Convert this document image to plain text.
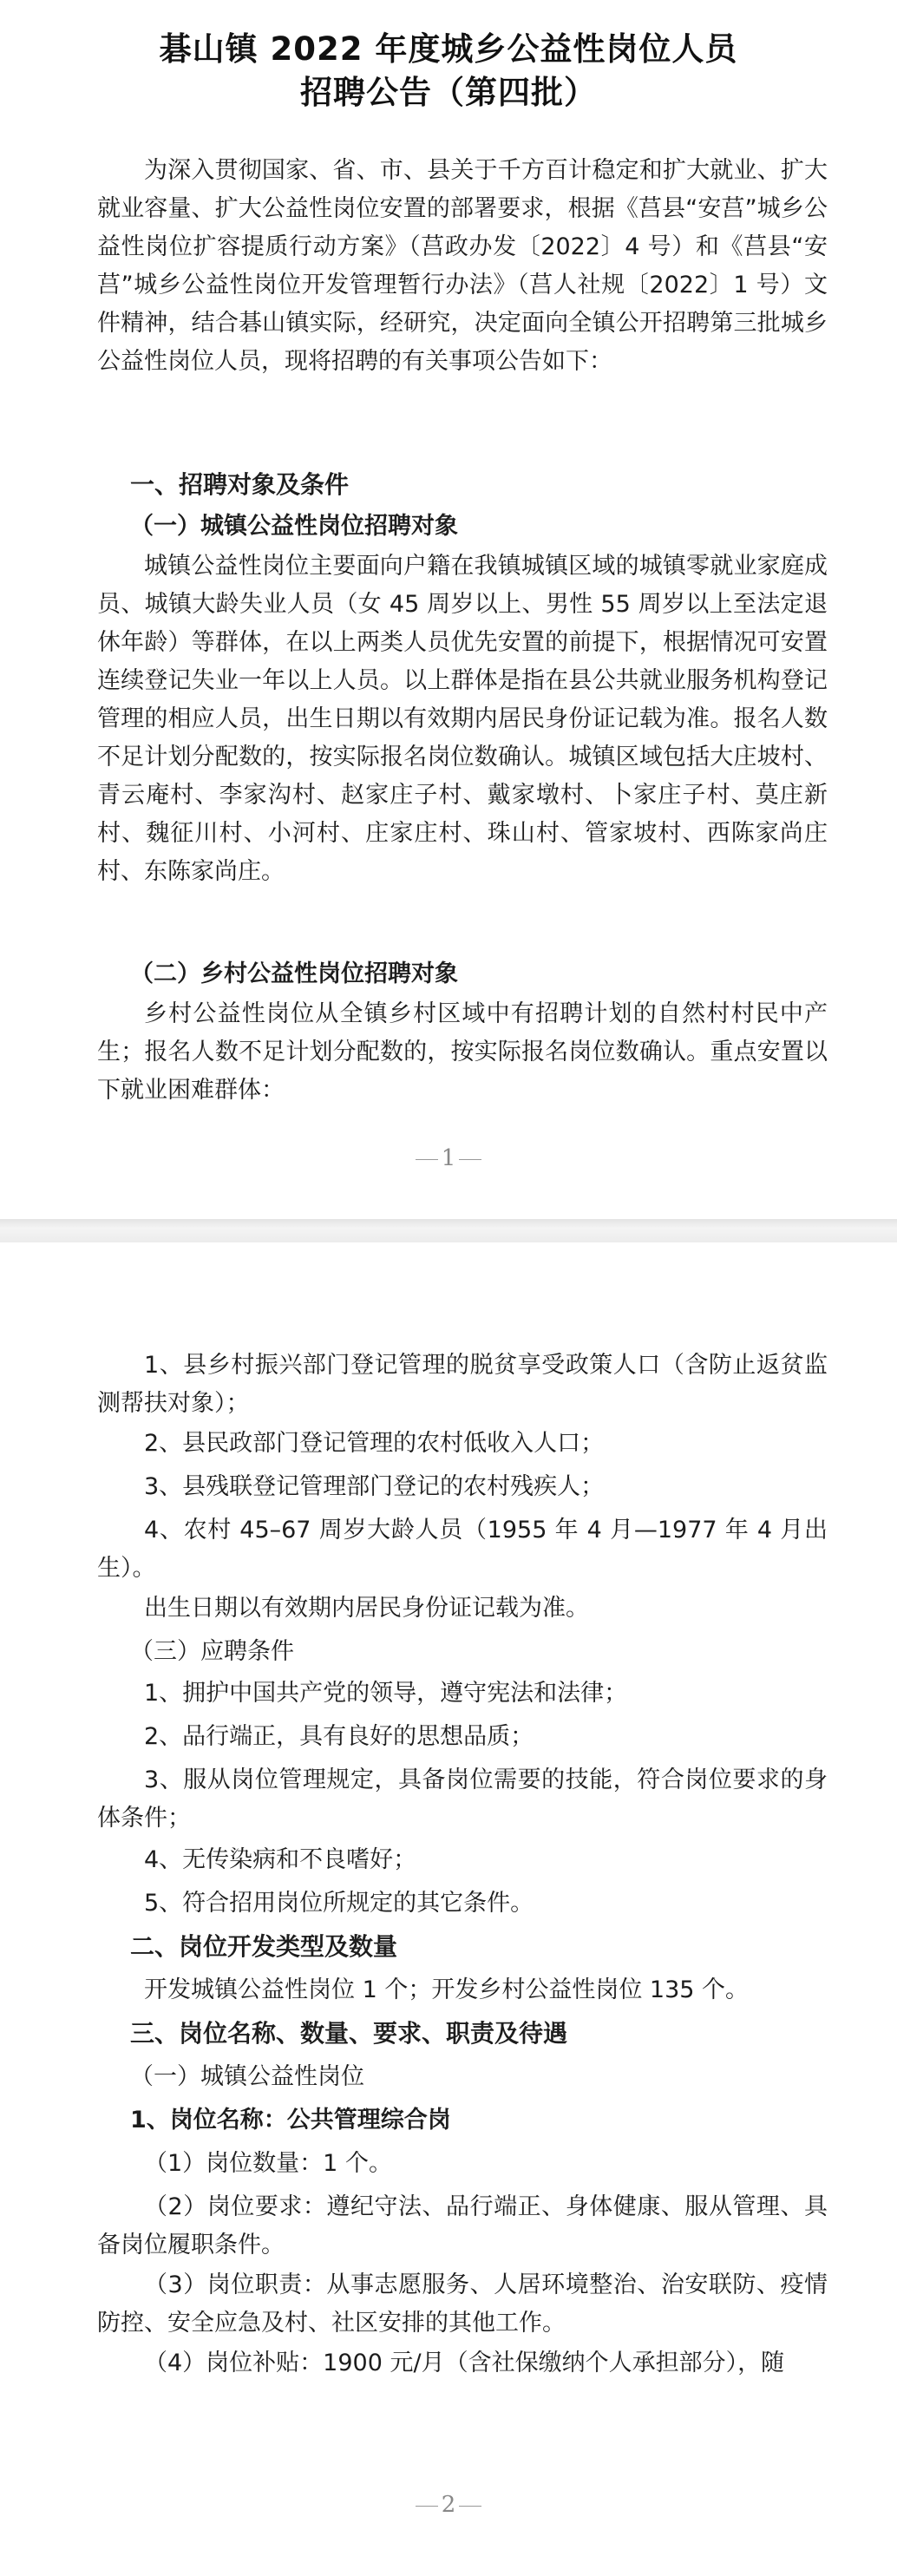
碁山镇 2022 年度城乡公益性岗位人员
招聘公告（第四批）

为深入贯彻国家、省、市、县关于千方百计稳定和扩大就业、扩大就业容量、扩大公益性岗位安置的部署要求，根据《莒县“安莒”城乡公益性岗位扩容提质行动方案》（莒政办发〔2022〕4 号）和《莒县“安莒”城乡公益性岗位开发管理暂行办法》（莒人社规〔2022〕1 号）文件精神，结合碁山镇实际，经研究，决定面向全镇公开招聘第三批城乡公益性岗位人员，现将招聘的有关事项公告如下：

一、招聘对象及条件

（一）城镇公益性岗位招聘对象

城镇公益性岗位主要面向户籍在我镇城镇区域的城镇零就业家庭成员、城镇大龄失业人员（女 45 周岁以上、男性 55 周岁以上至法定退休年龄）等群体，在以上两类人员优先安置的前提下，根据情况可安置连续登记失业一年以上人员。以上群体是指在县公共就业服务机构登记管理的相应人员，出生日期以有效期内居民身份证记载为准。报名人数不足计划分配数的，按实际报名岗位数确认。城镇区域包括大庄坡村、青云庵村、李家沟村、赵家庄子村、戴家墩村、卜家庄子村、莫庄新村、魏征川村、小河村、庄家庄村、珠山村、管家坡村、西陈家尚庄村、东陈家尚庄。

（二）乡村公益性岗位招聘对象

乡村公益性岗位从全镇乡村区域中有招聘计划的自然村村民中产生；报名人数不足计划分配数的，按实际报名岗位数确认。重点安置以下就业困难群体：

1

1、县乡村振兴部门登记管理的脱贫享受政策人口（含防止返贫监测帮扶对象）；

2、县民政部门登记管理的农村低收入人口；

3、县残联登记管理部门登记的农村残疾人；

4、农村 45–67 周岁大龄人员（1955 年 4 月—1977 年 4 月出生）。

出生日期以有效期内居民身份证记载为准。

（三）应聘条件

1、拥护中国共产党的领导，遵守宪法和法律；

2、品行端正，具有良好的思想品质；

3、服从岗位管理规定，具备岗位需要的技能，符合岗位要求的身体条件；

4、无传染病和不良嗜好；

5、符合招用岗位所规定的其它条件。

二、岗位开发类型及数量

开发城镇公益性岗位 1 个；开发乡村公益性岗位 135 个。

三、岗位名称、数量、要求、职责及待遇

（一）城镇公益性岗位

1、岗位名称：公共管理综合岗

（1）岗位数量：1 个。

（2）岗位要求：遵纪守法、品行端正、身体健康、服从管理、具备岗位履职条件。

（3）岗位职责：从事志愿服务、人居环境整治、治安联防、疫情防控、安全应急及村、社区安排的其他工作。

（4）岗位补贴：1900 元/月（含社保缴纳个人承担部分），随

2
